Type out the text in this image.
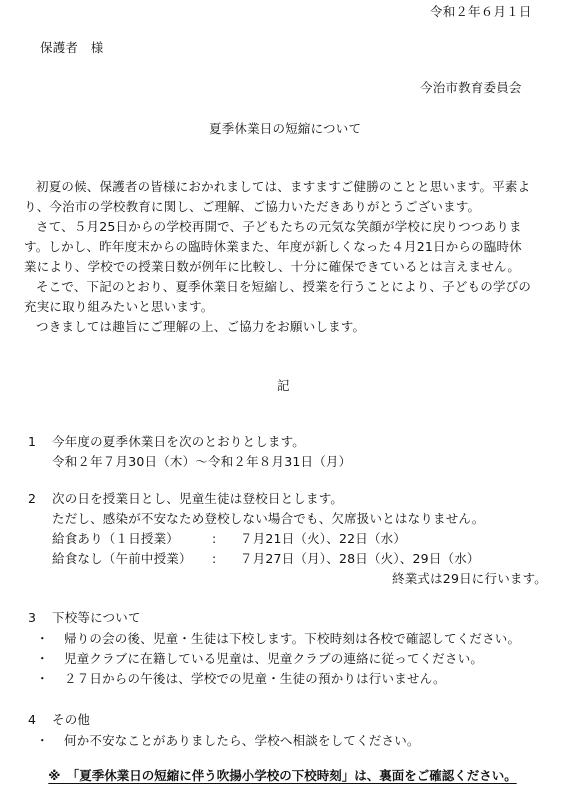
令和２年６月１日
保護者　様
今治市教育委員会
夏季休業日の短縮について
初夏の候、保護者の皆様におかれましては、ますますご健勝のことと思います。平素よ
り、今治市の学校教育に関し、ご理解、ご協力いただきありがとうございます。
さて、５月25日からの学校再開で、子どもたちの元気な笑顔が学校に戻りつつありま
す。しかし、昨年度末からの臨時休業また、年度が新しくなった４月21日からの臨時休
業により、学校での授業日数が例年に比較し、十分に確保できているとは言えません。
そこで、下記のとおり、夏季休業日を短縮し、授業を行うことにより、子どもの学びの
充実に取り組みたいと思います。
つきましては趣旨にご理解の上、ご協力をお願いします。
記
1 今年度の夏季休業日を次のとおりとします。
令和２年７月30日（木）～令和２年８月31日（月）
2 次の日を授業日とし、児童生徒は登校日とします。
ただし、感染が不安なため登校しない場合でも、欠席扱いとはなりません。
給食あり（１日授業）	: ７月21日（火）、22日（水）
給食なし（午前中授業） : ７月27日（月）、28日（火）、29日（水）
終業式は29日に行います。
3 下校等について
・ 帰りの会の後、児童・生徒は下校します。下校時刻は各校で確認してください。
・ 児童クラブに在籍している児童は、児童クラブの連絡に従ってください。
・ ２７日からの午後は、学校での児童・生徒の預かりは行いません。
4 その他
・ 何か不安なことがありましたら、学校へ相談をしてください。
※　「夏季休業日の短縮に伴う吹揚小学校の下校時刻」は、裏面をご確認ください。
